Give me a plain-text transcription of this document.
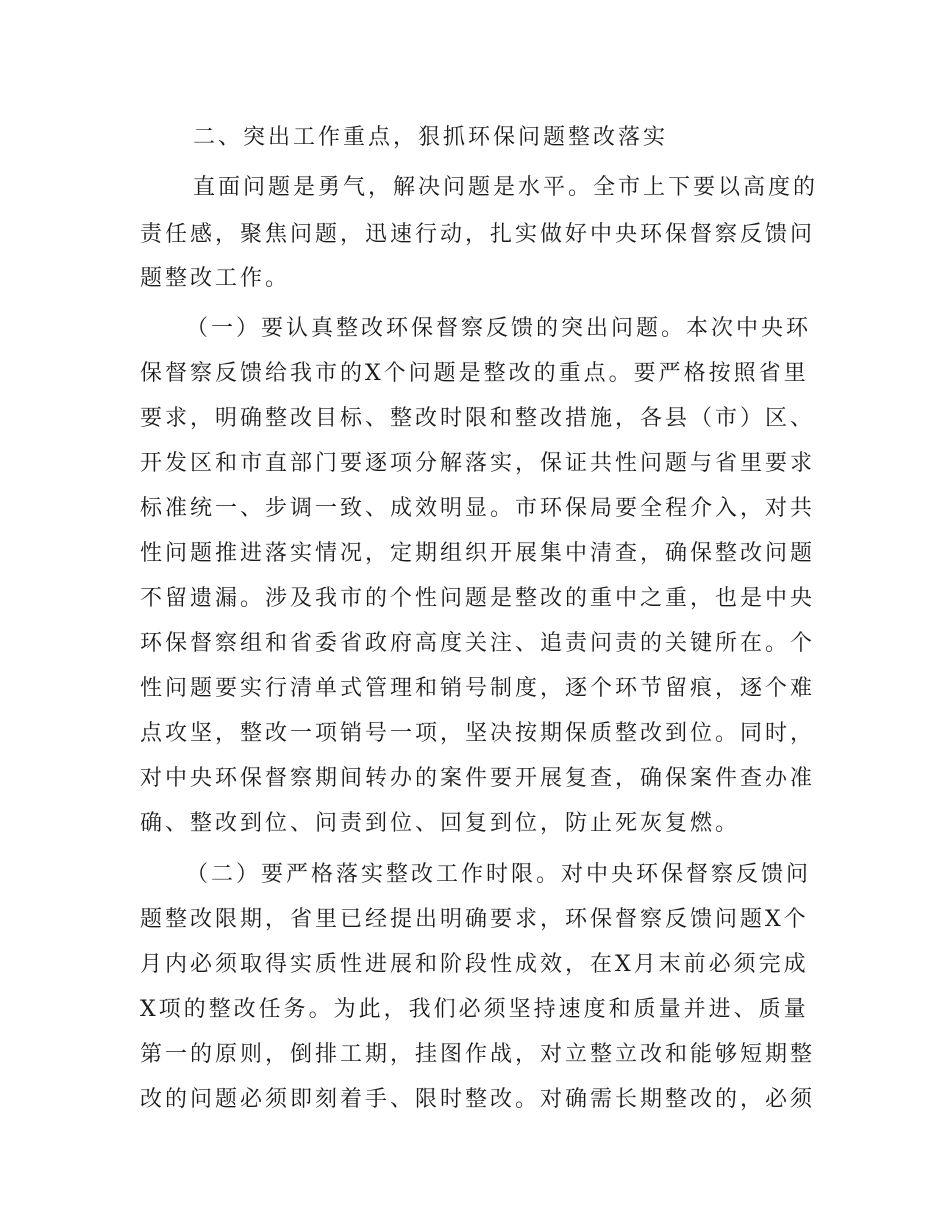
二、突出工作重点，狠抓环保问题整改落实
直面问题是勇气，解决问题是水平。全市上下要以高度的
责任感，聚焦问题，迅速行动，扎实做好中央环保督察反馈问
题整改工作。
（一）要认真整改环保督察反馈的突出问题。本次中央环
保督察反馈给我市的X个问题是整改的重点。要严格按照省里
要求，明确整改目标、整改时限和整改措施，各县（市）区、
开发区和市直部门要逐项分解落实，保证共性问题与省里要求
标准统一、步调一致、成效明显。市环保局要全程介入，对共
性问题推进落实情况，定期组织开展集中清查，确保整改问题
不留遗漏。涉及我市的个性问题是整改的重中之重，也是中央
环保督察组和省委省政府高度关注、追责问责的关键所在。个
性问题要实行清单式管理和销号制度，逐个环节留痕，逐个难
点攻坚，整改一项销号一项，坚决按期保质整改到位。同时，
对中央环保督察期间转办的案件要开展复查，确保案件查办准
确、整改到位、问责到位、回复到位，防止死灰复燃。
（二）要严格落实整改工作时限。对中央环保督察反馈问
题整改限期，省里已经提出明确要求，环保督察反馈问题X个
月内必须取得实质性进展和阶段性成效，在X月末前必须完成
X项的整改任务。为此，我们必须坚持速度和质量并进、质量
第一的原则，倒排工期，挂图作战，对立整立改和能够短期整
改的问题必须即刻着手、限时整改。对确需长期整改的，必须
